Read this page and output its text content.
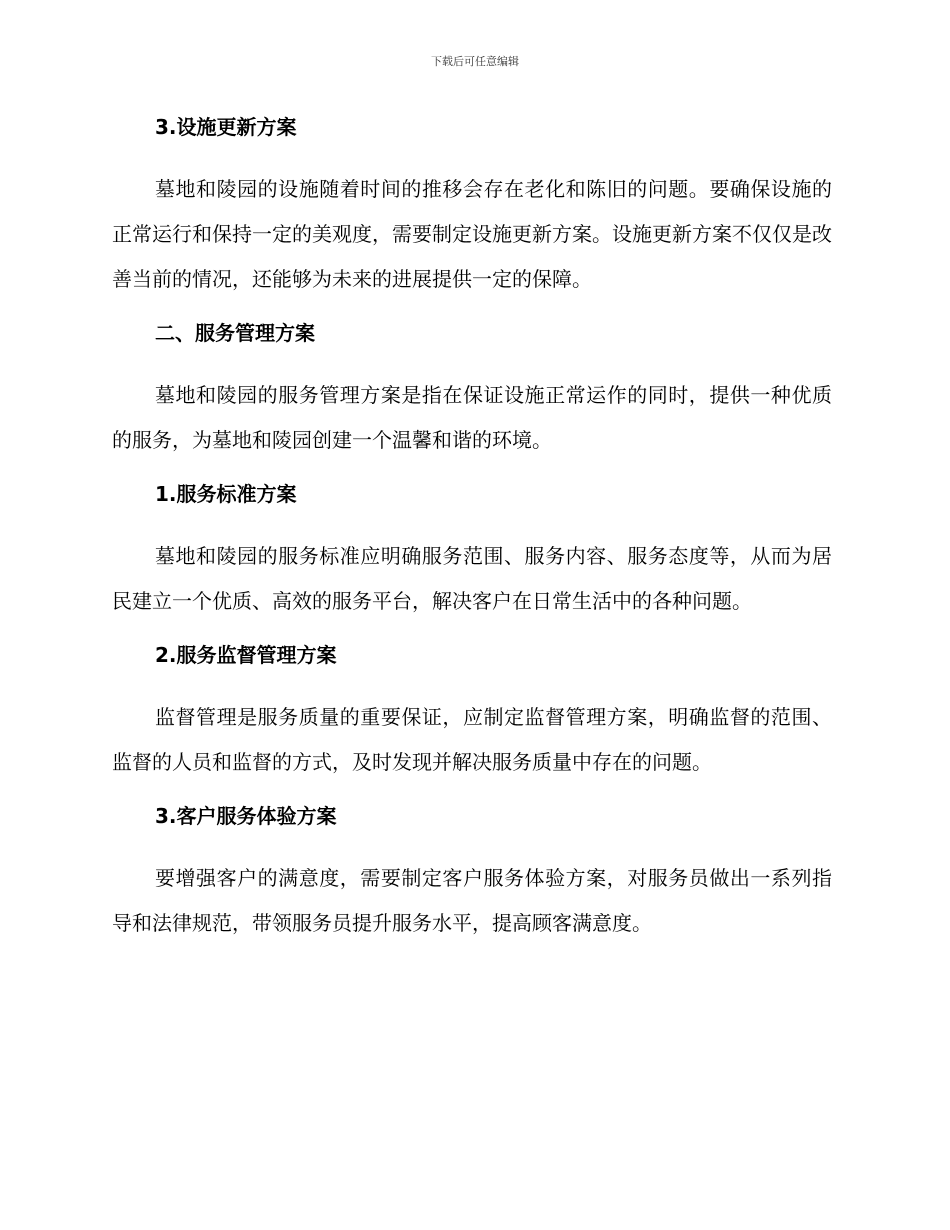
下载后可任意编辑
3.设施更新方案

墓地和陵园的设施随着时间的推移会存在老化和陈旧的问题。要确保设施的正常运行和保持一定的美观度，需要制定设施更新方案。设施更新方案不仅仅是改善当前的情况，还能够为未来的进展提供一定的保障。

二、服务管理方案

墓地和陵园的服务管理方案是指在保证设施正常运作的同时，提供一种优质的服务，为墓地和陵园创建一个温馨和谐的环境。

1.服务标准方案

墓地和陵园的服务标准应明确服务范围、服务内容、服务态度等，从而为居民建立一个优质、高效的服务平台，解决客户在日常生活中的各种问题。

2.服务监督管理方案

监督管理是服务质量的重要保证，应制定监督管理方案，明确监督的范围、监督的人员和监督的方式，及时发现并解决服务质量中存在的问题。

3.客户服务体验方案

要增强客户的满意度，需要制定客户服务体验方案，对服务员做出一系列指导和法律规范，带领服务员提升服务水平，提高顾客满意度。
